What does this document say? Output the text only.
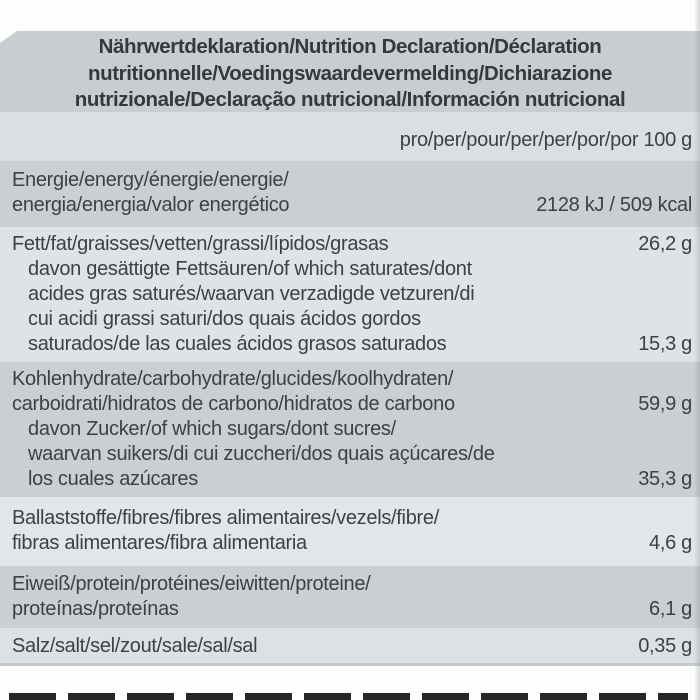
Nährwertdeklaration/Nutrition Declaration/Déclaration
nutritionnelle/Voedingswaardevermelding/Dichiarazione
nutrizionale/Declaração nutricional/Información nutricional
pro/per/pour/per/per/por/por 100 g
Energie/energy/énergie/energie/
energia/energia/valor energético	2128 kJ / 509 kcal
Fett/fat/graisses/vetten/grassi/lípidos/grasas	26,2 g
davon gesättigte Fettsäuren/of which saturates/dont
acides gras saturés/waarvan verzadigde vetzuren/di
cui acidi grassi saturi/dos quais ácidos gordos
saturados/de las cuales ácidos grasos saturados	15,3 g
Kohlenhydrate/carbohydrate/glucides/koolhydraten/
carboidrati/hidratos de carbono/hidratos de carbono	59,9 g
davon Zucker/of which sugars/dont sucres/
waarvan suikers/di cui zuccheri/dos quais açúcares/de
los cuales azúcares	35,3 g
Ballaststoffe/fibres/fibres alimentaires/vezels/fibre/
fibras alimentares/fibra alimentaria	4,6 g
Eiweiß/protein/protéines/eiwitten/proteine/
proteínas/proteínas	6,1 g
Salz/salt/sel/zout/sale/sal/sal	0,35 g
